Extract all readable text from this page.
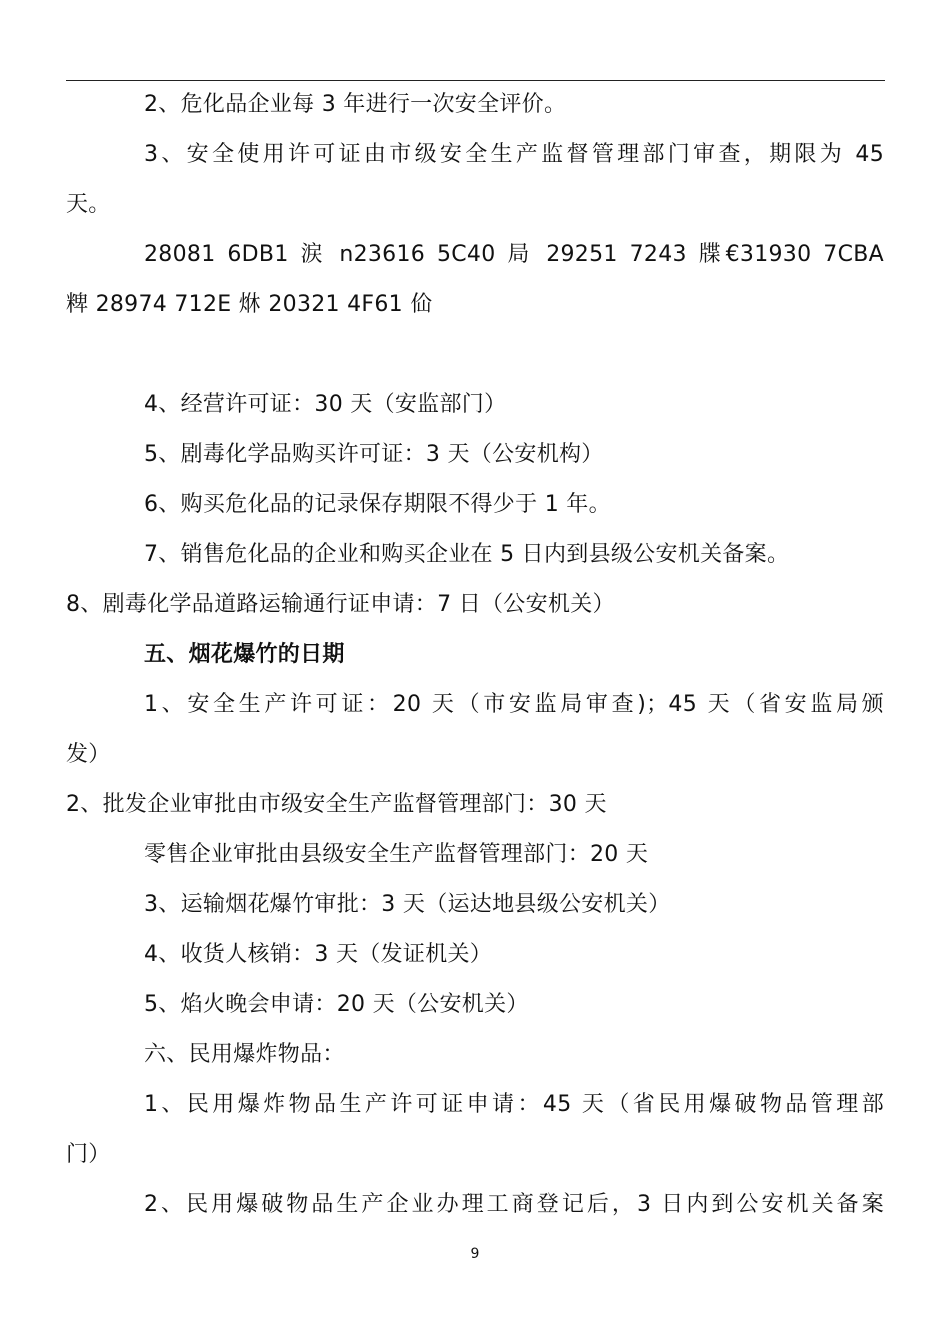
2、危化品企业每 3 年进行一次安全评价。
3、安全使用许可证由市级安全生产监督管理部门审查，期限为 45
天。
28081 6DB1 涙 n23616 5C40 局 29251 7243 牒€31930 7CBA
粺 28974 712E 烌 20321 4F61 佡
4、经营许可证：30 天（安监部门）
5、剧毒化学品购买许可证：3 天（公安机构）
6、购买危化品的记录保存期限不得少于 1 年。
7、销售危化品的企业和购买企业在 5 日内到县级公安机关备案。
8、剧毒化学品道路运输通行证申请：7 日（公安机关）
五、烟花爆竹的日期
1、安全生产许可证：20 天（市安监局审查)；45 天（省安监局颁
发）
2、批发企业审批由市级安全生产监督管理部门：30 天
零售企业审批由县级安全生产监督管理部门：20 天
3、运输烟花爆竹审批：3 天（运达地县级公安机关）
4、收货人核销：3 天（发证机关）
5、焰火晚会申请：20 天（公安机关）
六、民用爆炸物品：
1、民用爆炸物品生产许可证申请：45 天（省民用爆破物品管理部
门）
2、民用爆破物品生产企业办理工商登记后，3 日内到公安机关备案
9
